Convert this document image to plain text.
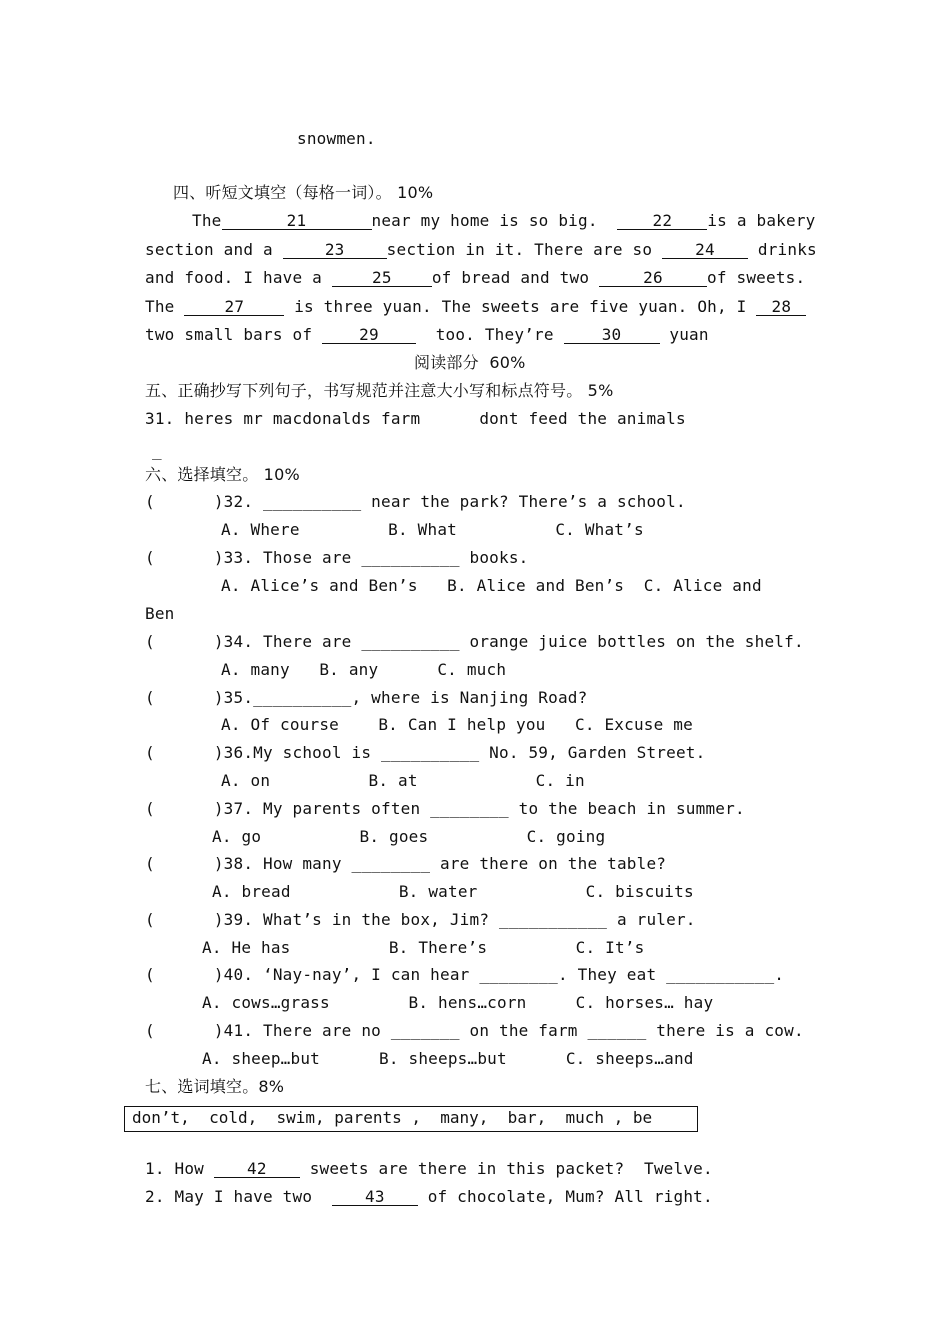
snowmen.
四、听短文填空（每格一词）。 10%
The	21	near my home is so big.	22 is a bakery
section and a	23	section in it. There are so	24	drinks
and food. I have a	25	of bread and two	26	of sweets.
The	27	is three yuan. The sweets are five yuan. Oh, I 28
two small bars of	29	too. They’re	30	yuan
阅读部分  60%
五、正确抄写下列句子，书写规范并注意大小写和标点符号。 5%
31. heres mr macdonalds farm      dont feed the animals
_
六、选择填空。 10%
(      )32. __________ near the park? There’s a school.
A. Where         B. What          C. What’s
(      )33. Those are __________ books.
A. Alice’s and Ben’s   B. Alice and Ben’s  C. Alice and
Ben
(      )34. There are __________ orange juice bottles on the shelf.
A. many   B. any      C. much
(      )35.__________, where is Nanjing Road?
A. Of course    B. Can I help you   C. Excuse me
(      )36.My school is __________ No. 59, Garden Street.
A. on          B. at            C. in
(      )37. My parents often ________ to the beach in summer.
A. go          B. goes          C. going
(      )38. How many ________ are there on the table?
A. bread           B. water           C. biscuits
(      )39. What’s in the box, Jim? ___________ a ruler.
A. He has          B. There’s         C. It’s
(      )40. ‘Nay-nay’, I can hear ________. They eat ___________.
A. cows…grass        B. hens…corn     C. horses… hay
(      )41. There are no _______ on the farm ______ there is a cow.
A. sheep…but      B. sheeps…but      C. sheeps…and
七、选词填空。8%
don’t,  cold,  swim, parents ,  many,  bar,  much , be
1. How	42	sweets are there in this packet?  Twelve.
2. May I have two	43	of chocolate, Mum? All right.
